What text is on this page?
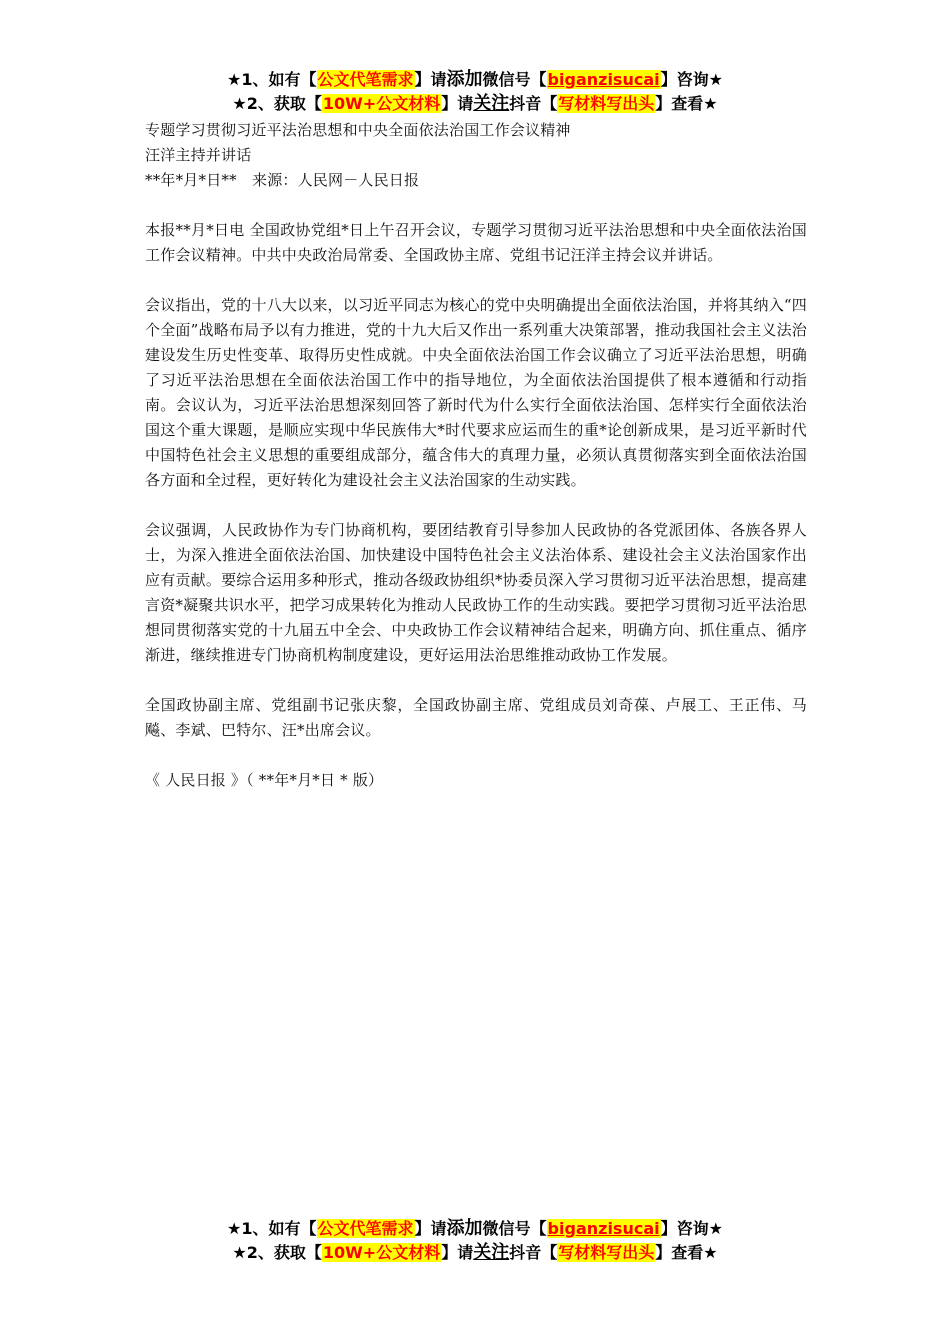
★1、如有【公文代笔需求】请添加微信号【biganzisucai】咨询★
★2、获取【10W+公文材料】请关注抖音【写材料写出头】查看★

专题学习贯彻习近平法治思想和中央全面依法治国工作会议精神

汪洋主持并讲话

**年*月*日**　来源：人民网－人民日报

本报**月*日电 全国政协党组*日上午召开会议，专题学习贯彻习近平法治思想和中央全面依法治国工作会议精神。中共中央政治局常委、全国政协主席、党组书记汪洋主持会议并讲话。

会议指出，党的十八大以来，以习近平同志为核心的党中央明确提出全面依法治国，并将其纳入“四个全面”战略布局予以有力推进，党的十九大后又作出一系列重大决策部署，推动我国社会主义法治建设发生历史性变革、取得历史性成就。中央全面依法治国工作会议确立了习近平法治思想，明确了习近平法治思想在全面依法治国工作中的指导地位，为全面依法治国提供了根本遵循和行动指南。会议认为，习近平法治思想深刻回答了新时代为什么实行全面依法治国、怎样实行全面依法治国这个重大课题，是顺应实现中华民族伟大*时代要求应运而生的重*论创新成果，是习近平新时代中国特色社会主义思想的重要组成部分，蕴含伟大的真理力量，必须认真贯彻落实到全面依法治国各方面和全过程，更好转化为建设社会主义法治国家的生动实践。

会议强调，人民政协作为专门协商机构，要团结教育引导参加人民政协的各党派团体、各族各界人士，为深入推进全面依法治国、加快建设中国特色社会主义法治体系、建设社会主义法治国家作出应有贡献。要综合运用多种形式，推动各级政协组织*协委员深入学习贯彻习近平法治思想，提高建言资*凝聚共识水平，把学习成果转化为推动人民政协工作的生动实践。要把学习贯彻习近平法治思想同贯彻落实党的十九届五中全会、中央政协工作会议精神结合起来，明确方向、抓住重点、循序渐进，继续推进专门协商机构制度建设，更好运用法治思维推动政协工作发展。

全国政协副主席、党组副书记张庆黎，全国政协副主席、党组成员刘奇葆、卢展工、王正伟、马飚、李斌、巴特尔、汪*出席会议。

《 人民日报 》（ **年*月*日 * 版）

★1、如有【公文代笔需求】请添加微信号【biganzisucai】咨询★
★2、获取【10W+公文材料】请关注抖音【写材料写出头】查看★
